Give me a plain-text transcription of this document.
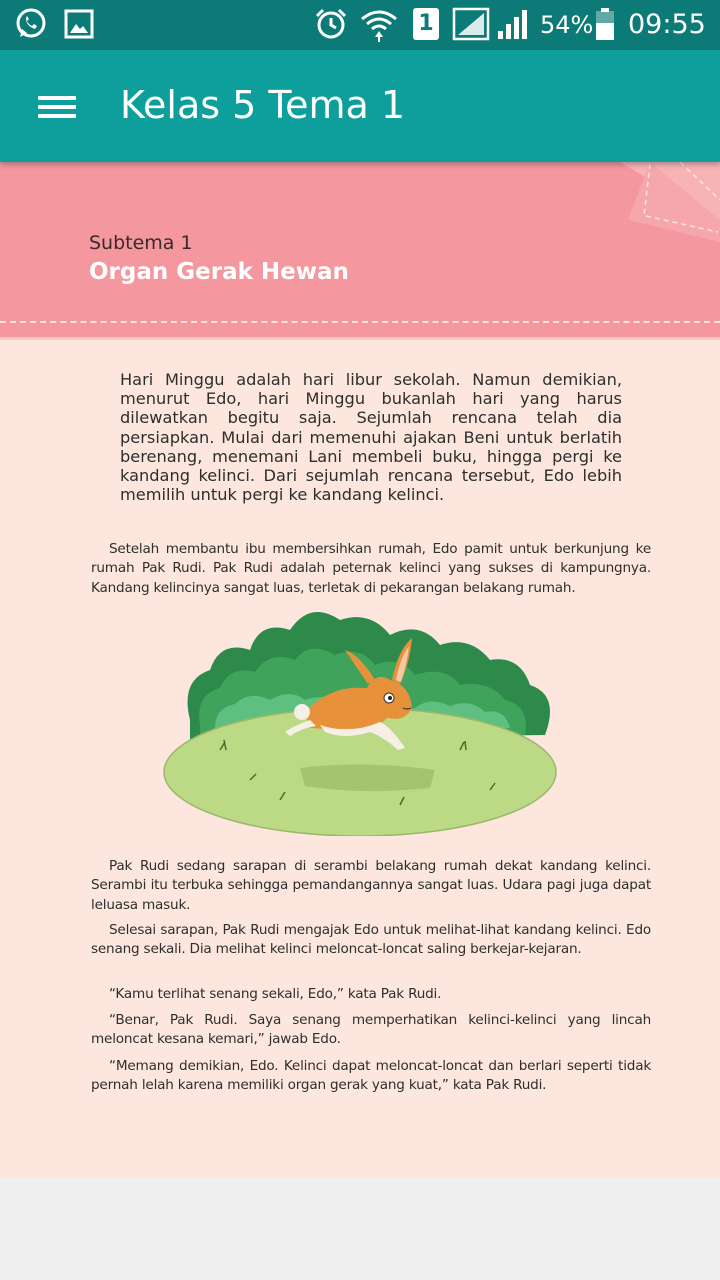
1	54% 09:55
Kelas 5 Tema 1
Subtema 1
Organ Gerak Hewan
Hari Minggu adalah hari libur sekolah. Namun demikian, menurut Edo, hari Minggu bukanlah hari yang harus dilewatkan begitu saja. Sejumlah rencana telah dia persiapkan. Mulai dari memenuhi ajakan Beni untuk berlatih berenang, menemani Lani membeli buku, hingga pergi ke kandang kelinci. Dari sejumlah rencana tersebut, Edo lebih memilih untuk pergi ke kandang kelinci.
Setelah membantu ibu membersihkan rumah, Edo pamit untuk berkunjung ke rumah Pak Rudi. Pak Rudi adalah peternak kelinci yang sukses di kampungnya. Kandang kelincinya sangat luas, terletak di pekarangan belakang rumah.
Pak Rudi sedang sarapan di serambi belakang rumah dekat kandang kelinci. Serambi itu terbuka sehingga pemandangannya sangat luas. Udara pagi juga dapat leluasa masuk.
Selesai sarapan, Pak Rudi mengajak Edo untuk melihat-lihat kandang kelinci. Edo senang sekali. Dia melihat kelinci meloncat-loncat saling berkejar-kejaran.
“Kamu terlihat senang sekali, Edo,” kata Pak Rudi.
“Benar, Pak Rudi. Saya senang memperhatikan kelinci-kelinci yang lincah meloncat kesana kemari,” jawab Edo.
“Memang demikian, Edo. Kelinci dapat meloncat-loncat dan berlari seperti tidak pernah lelah karena memiliki organ gerak yang kuat,” kata Pak Rudi.
